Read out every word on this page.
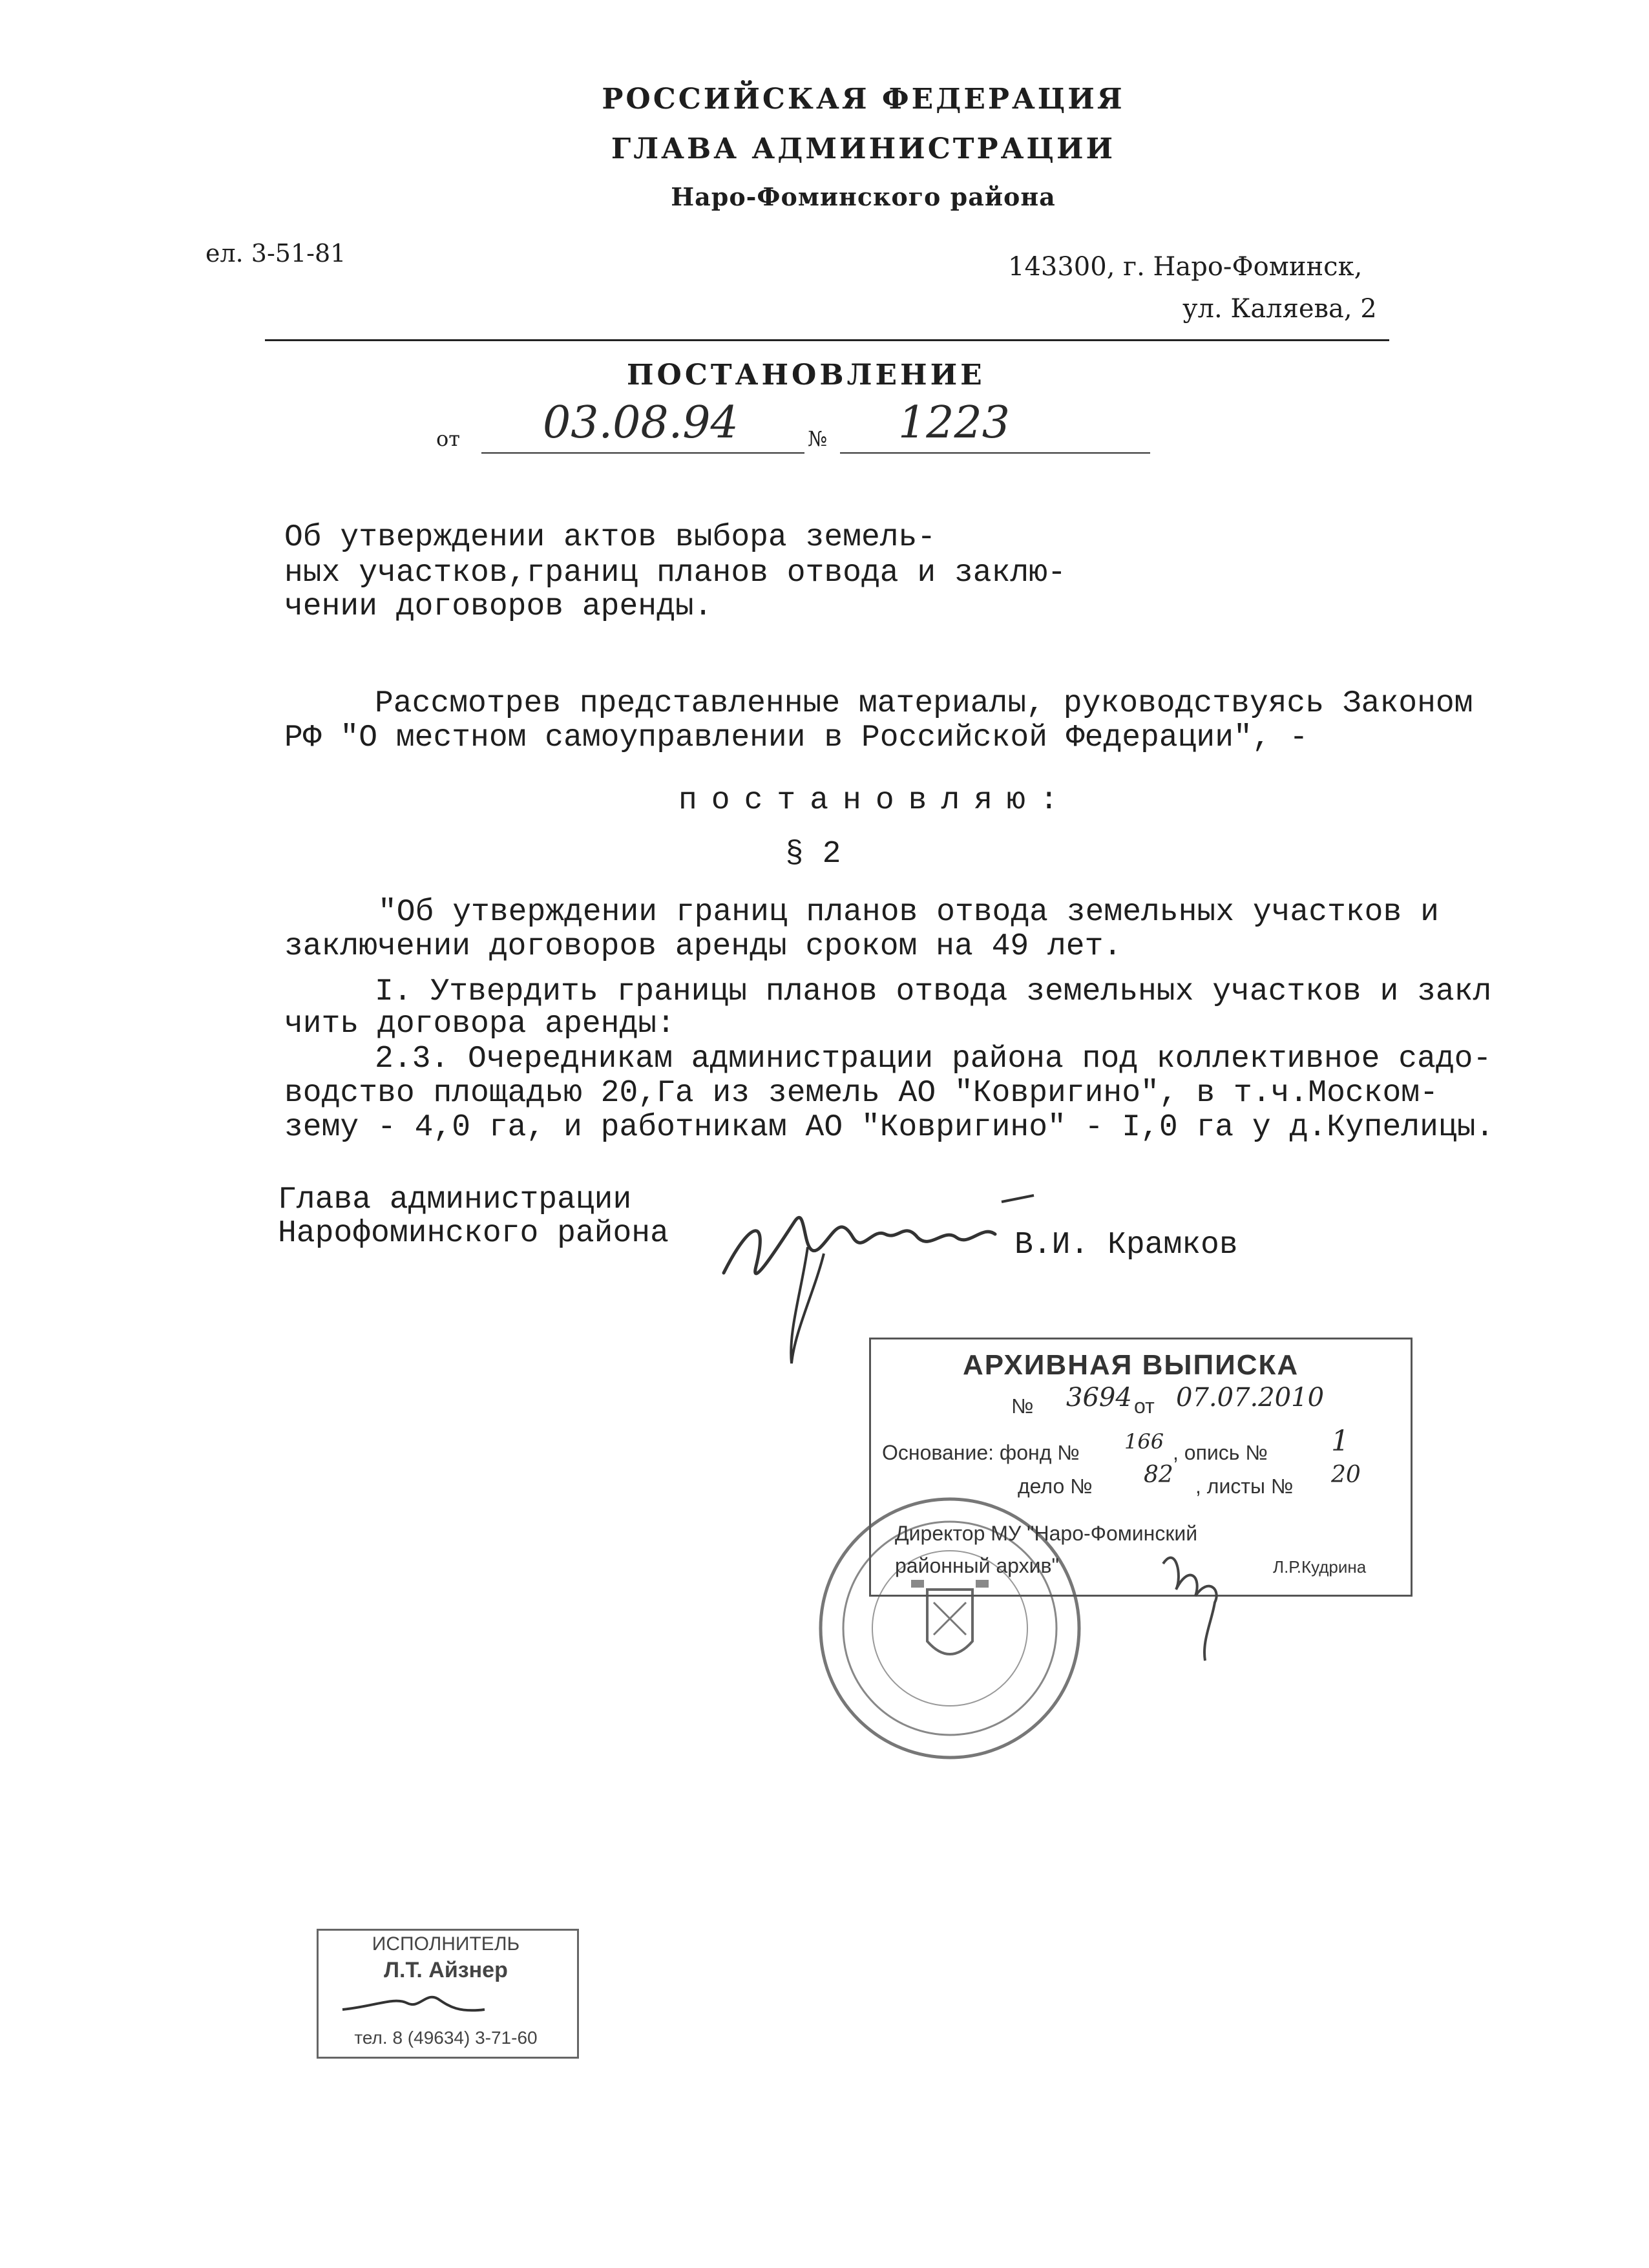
РОССИЙСКАЯ ФЕДЕРАЦИЯ
ГЛАВА АДМИНИСТРАЦИИ
Наро-Фоминского района
ел. 3-51-81	143300, г. Наро-Фоминск,
ул. Каляева, 2
ПОСТАНОВЛЕНИЕ
от 03.08.94	№ 1223
Об утверждении актов выбора земель-
ных участков,границ планов отвода и заклю-
чении договоров аренды.
Рассмотрев представленные материалы, руководствуясь Законом
РФ "О местном самоуправлении в Российской Федерации", -
постановляю:
§ 2
"Об утверждении границ планов отвода земельных участков и
заключении договоров аренды сроком на 49 лет.
I. Утвердить границы планов отвода земельных участков и закл
чить договора аренды:
2.3. Очередникам администрации района под коллективное садо-
водство площадью 20,Га из земель АО "Ковригино", в т.ч.Моском-
зему - 4,0 га, и работникам АО "Ковригино" - I,0 га у д.Купелицы.
Глава администрации
Нарофоминского района	В.И. Крамков
АРХИВНАЯ ВЫПИСКА
№ 3694 от 07.07.2010
Основание: фонд № 166 , опись № 1
дело № 82 , листы № 20
Директор МУ "Наро-Фоминский
районный архив"	Л.Р.Кудрина
ИСПОЛНИТЕЛЬ
Л.Т. Айзнер
тел. 8 (49634) 3-71-60
